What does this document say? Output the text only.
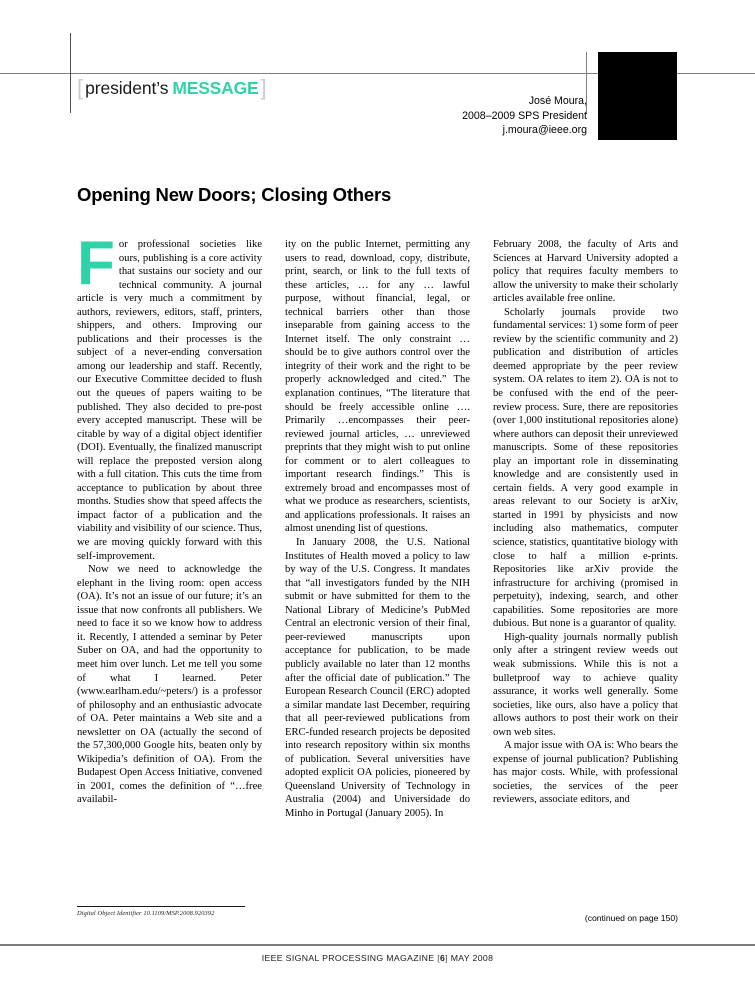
[ president’s MESSAGE ]
José Moura,
2008–2009 SPS President
j.moura@ieee.org
Opening New Doors; Closing Others

For professional societies like ours, publishing is a core activity that sustains our society and our technical community. A journal article is very much a commitment by authors, reviewers, editors, staff, printers, shippers, and others. Improving our publications and their processes is the subject of a never-ending conversation among our leadership and staff. Recently, our Executive Committee decided to flush out the queues of papers waiting to be published. They also decided to pre-post every accepted manuscript. These will be citable by way of a digital object identifier (DOI). Eventually, the finalized manuscript will replace the preposted version along with a full citation. This cuts the time from acceptance to publication by about three months. Studies show that speed affects the impact factor of a publication and the viability and visibility of our science. Thus, we are moving quickly forward with this self-improvement.

Now we need to acknowledge the elephant in the living room: open access (OA). It’s not an issue of our future; it’s an issue that now confronts all publishers. We need to face it so we know how to address it. Recently, I attended a seminar by Peter Suber on OA, and had the opportunity to meet him over lunch. Let me tell you some of what I learned. Peter (www.earlham.edu/~peters/) is a professor of philosophy and an enthusiastic advocate of OA. Peter maintains a Web site and a newsletter on OA (actually the second of the 57,300,000 Google hits, beaten only by Wikipedia’s definition of OA). From the Budapest Open Access Initiative, convened in 2001, comes the definition of “…free availabil-

ity on the public Internet, permitting any users to read, download, copy, distribute, print, search, or link to the full texts of these articles, … for any … lawful purpose, without financial, legal, or technical barriers other than those inseparable from gaining access to the Internet itself. The only constraint … should be to give authors control over the integrity of their work and the right to be properly acknowledged and cited.” The explanation continues, “The literature that should be freely accessible online …. Primarily …encompasses their peer-reviewed journal articles, … unreviewed preprints that they might wish to put online for comment or to alert colleagues to important research findings.” This is extremely broad and encompasses most of what we produce as researchers, scientists, and applications professionals. It raises an almost unending list of questions.

In January 2008, the U.S. National Institutes of Health moved a policy to law by way of the U.S. Congress. It mandates that “all investigators funded by the NIH submit or have submitted for them to the National Library of Medicine’s PubMed Central an electronic version of their final, peer-reviewed manuscripts upon acceptance for publication, to be made publicly available no later than 12 months after the official date of publication.” The European Research Council (ERC) adopted a similar mandate last December, requiring that all peer-reviewed publications from ERC-funded research projects be deposited into research repository within six months of publication. Several universities have adopted explicit OA policies, pioneered by Queensland University of Technology in Australia (2004) and Universidade do Minho in Portugal (January 2005). In

February 2008, the faculty of Arts and Sciences at Harvard University adopted a policy that requires faculty members to allow the university to make their scholarly articles available free online.

Scholarly journals provide two fundamental services: 1) some form of peer review by the scientific community and 2) publication and distribution of articles deemed appropriate by the peer review system. OA relates to item 2). OA is not to be confused with the end of the peer-review process. Sure, there are repositories (over 1,000 institutional repositories alone) where authors can deposit their unreviewed manuscripts. Some of these repositories play an important role in disseminating knowledge and are consistently used in certain fields. A very good example in areas relevant to our Society is arXiv, started in 1991 by physicists and now including also mathematics, computer science, statistics, quantitative biology with close to half a million e-prints. Repositories like arXiv provide the infrastructure for archiving (promised in perpetuity), indexing, search, and other capabilities. Some repositories are more dubious. But none is a guarantor of quality.

High-quality journals normally publish only after a stringent review weeds out weak submissions. While this is not a bulletproof way to achieve quality assurance, it works well generally. Some societies, like ours, also have a policy that allows authors to post their work on their own web sites.

A major issue with OA is: Who bears the expense of journal publication? Publishing has major costs. While, with professional societies, the services of the peer reviewers, associate editors, and

Digital Object Identifier 10.1109/MSP.2008.920392	(continued on page 150)
IEEE SIGNAL PROCESSING MAGAZINE [6] MAY 2008
